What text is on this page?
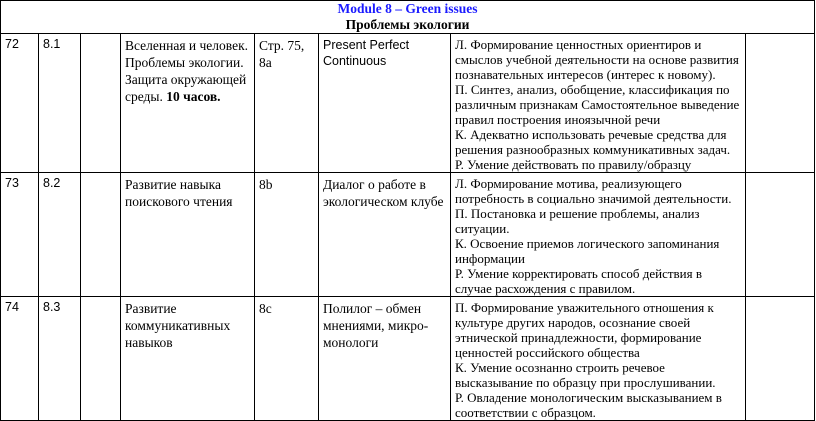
Module 8 – Green issues
Проблемы экологии							

72	8.1		Вселенная и человек. Проблемы экологии. Защита окружающей среды. 10 часов.	Стр. 75, 8а	Present Perfect Continuous	Л. Формирование ценностных ориентиров и смыслов учебной деятельности на основе развития познавательных интересов (интерес к новому).

П. Синтез, анализ, обобщение, классификация по различным признакам Самостоятельное выведение правил построения иноязычной речи

К. Адекватно использовать речевые средства для решения разнообразных коммуникативных задач.

Р. Умение действовать по правилу/образцу	

73	8.2		Развитие навыка поискового чтения	8b	Диалог о работе в экологическом клубе	Л. Формирование мотива, реализующего потребность в социально значимой деятельности.

П. Постановка и решение проблемы, анализ ситуации.

К. Освоение приемов логического запоминания информации

Р. Умение корректировать способ действия в случае расхождения с правилом.	

74	8.3		Развитие коммуникативных навыков	8c	Полилог – обмен мнениями, микро-монологи	П. Формирование уважительного отношения к культуре других народов, осознание своей этнической принадлежности, формирование ценностей российского общества

К. Умение осознанно строить речевое высказывание по образцу при прослушивании.

Р. Овладение монологическим высказыванием в соответствии с образцом.	
